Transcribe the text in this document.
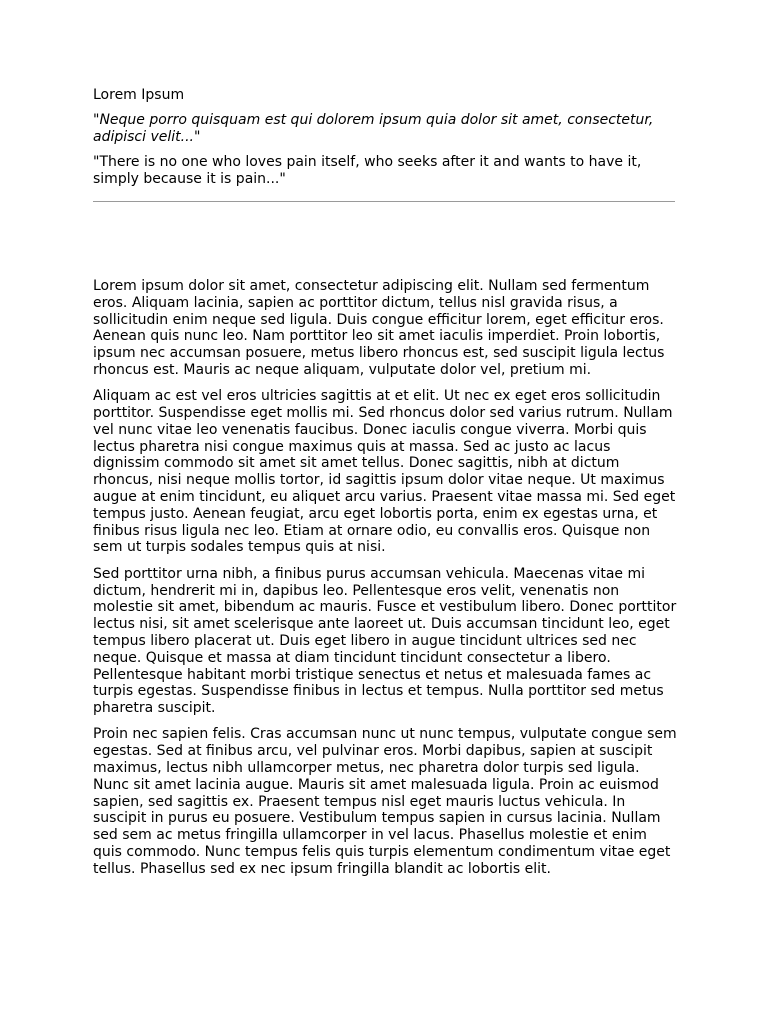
Lorem Ipsum

"Neque porro quisquam est qui dolorem ipsum quia dolor sit amet, consectetur, adipisci velit..."

"There is no one who loves pain itself, who seeks after it and wants to have it, simply because it is pain..."

Lorem ipsum dolor sit amet, consectetur adipiscing elit. Nullam sed fermentum eros. Aliquam lacinia, sapien ac porttitor dictum, tellus nisl gravida risus, a sollicitudin enim neque sed ligula. Duis congue efficitur lorem, eget efficitur eros. Aenean quis nunc leo. Nam porttitor leo sit amet iaculis imperdiet. Proin lobortis, ipsum nec accumsan posuere, metus libero rhoncus est, sed suscipit ligula lectus rhoncus est. Mauris ac neque aliquam, vulputate dolor vel, pretium mi.

Aliquam ac est vel eros ultricies sagittis at et elit. Ut nec ex eget eros sollicitudin porttitor. Suspendisse eget mollis mi. Sed rhoncus dolor sed varius rutrum. Nullam vel nunc vitae leo venenatis faucibus. Donec iaculis congue viverra. Morbi quis lectus pharetra nisi congue maximus quis at massa. Sed ac justo ac lacus dignissim commodo sit amet sit amet tellus. Donec sagittis, nibh at dictum rhoncus, nisi neque mollis tortor, id sagittis ipsum dolor vitae neque. Ut maximus augue at enim tincidunt, eu aliquet arcu varius. Praesent vitae massa mi. Sed eget tempus justo. Aenean feugiat, arcu eget lobortis porta, enim ex egestas urna, et finibus risus ligula nec leo. Etiam at ornare odio, eu convallis eros. Quisque non sem ut turpis sodales tempus quis at nisi.

Sed porttitor urna nibh, a finibus purus accumsan vehicula. Maecenas vitae mi dictum, hendrerit mi in, dapibus leo. Pellentesque eros velit, venenatis non molestie sit amet, bibendum ac mauris. Fusce et vestibulum libero. Donec porttitor lectus nisi, sit amet scelerisque ante laoreet ut. Duis accumsan tincidunt leo, eget tempus libero placerat ut. Duis eget libero in augue tincidunt ultrices sed nec neque. Quisque et massa at diam tincidunt tincidunt consectetur a libero. Pellentesque habitant morbi tristique senectus et netus et malesuada fames ac turpis egestas. Suspendisse finibus in lectus et tempus. Nulla porttitor sed metus pharetra suscipit.

Proin nec sapien felis. Cras accumsan nunc ut nunc tempus, vulputate congue sem egestas. Sed at finibus arcu, vel pulvinar eros. Morbi dapibus, sapien at suscipit maximus, lectus nibh ullamcorper metus, nec pharetra dolor turpis sed ligula. Nunc sit amet lacinia augue. Mauris sit amet malesuada ligula. Proin ac euismod sapien, sed sagittis ex. Praesent tempus nisl eget mauris luctus vehicula. In suscipit in purus eu posuere. Vestibulum tempus sapien in cursus lacinia. Nullam sed sem ac metus fringilla ullamcorper in vel lacus. Phasellus molestie et enim quis commodo. Nunc tempus felis quis turpis elementum condimentum vitae eget tellus. Phasellus sed ex nec ipsum fringilla blandit ac lobortis elit.
